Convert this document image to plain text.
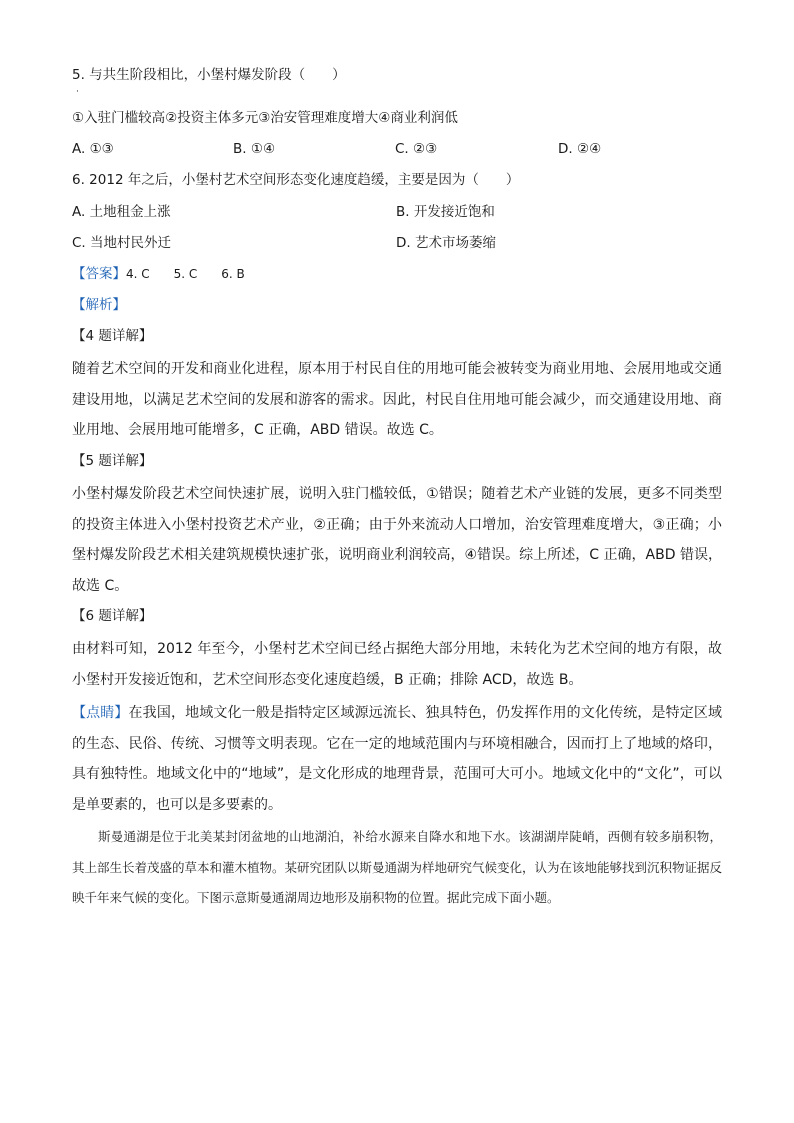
5. 与共生阶段相比，小堡村爆发阶段（　　）
·
①入驻门槛较高②投资主体多元③治安管理难度增大④商业利润低
A. ①③	B. ①④	C. ②③	D. ②④
6. 2012 年之后，小堡村艺术空间形态变化速度趋缓，主要是因为（　　）
A. 土地租金上涨	B. 开发接近饱和
C. 当地村民外迁	D. 艺术市场萎缩
【答案】4. C　　5. C　　6. B
【解析】
【4 题详解】
随着艺术空间的开发和商业化进程，原本用于村民自住的用地可能会被转变为商业用地、会展用地或交通建设用地，以满足艺术空间的发展和游客的需求。因此，村民自住用地可能会减少，而交通建设用地、商业用地、会展用地可能增多，C 正确，ABD 错误。故选 C。
【5 题详解】
小堡村爆发阶段艺术空间快速扩展，说明入驻门槛较低，①错误；随着艺术产业链的发展，更多不同类型的投资主体进入小堡村投资艺术产业，②正确；由于外来流动人口增加，治安管理难度增大，③正确；小堡村爆发阶段艺术相关建筑规模快速扩张，说明商业利润较高，④错误。综上所述，C 正确，ABD 错误，故选 C。
【6 题详解】
由材料可知，2012 年至今，小堡村艺术空间已经占据绝大部分用地，未转化为艺术空间的地方有限，故小堡村开发接近饱和，艺术空间形态变化速度趋缓，B 正确；排除 ACD，故选 B。
【点睛】在我国，地域文化一般是指特定区域源远流长、独具特色，仍发挥作用的文化传统，是特定区域的生态、民俗、传统、习惯等文明表现。它在一定的地域范围内与环境相融合，因而打上了地域的烙印，具有独特性。地域文化中的“地域”，是文化形成的地理背景，范围可大可小。地域文化中的“文化”，可以是单要素的，也可以是多要素的。
斯曼通湖是位于北美某封闭盆地的山地湖泊，补给水源来自降水和地下水。该湖湖岸陡峭，西侧有较多崩积物，其上部生长着茂盛的草本和灌木植物。某研究团队以斯曼通湖为样地研究气候变化，认为在该地能够找到沉积物证据反映千年来气候的变化。下图示意斯曼通湖周边地形及崩积物的位置。据此完成下面小题。
